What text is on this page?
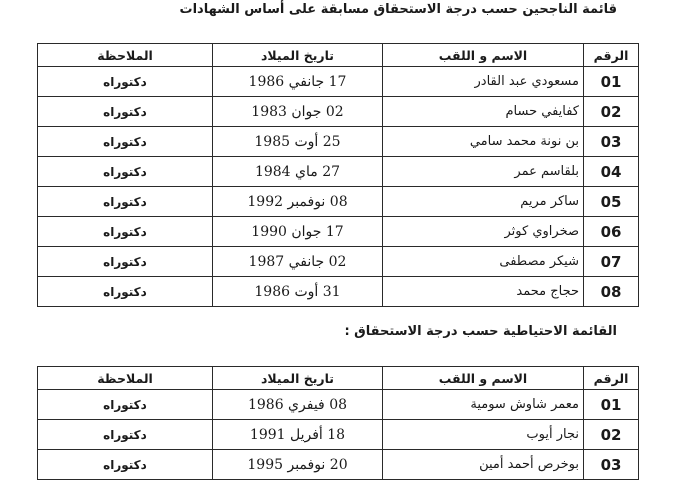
قائمة الناجحين حسب درجة الاستحقاق مسابقة على أساس الشهادات
الرقم	الاسم و اللقب	تاريخ الميلاد	الملاحظة
01	مسعودي عبد القادر	17 جانفي 1986	دكتوراه
02	كفايفي حسام	02 جوان 1983	دكتوراه
03	بن نونة محمد سامي	25 أوت 1985	دكتوراه
04	بلقاسم عمر	27 ماي 1984	دكتوراه
05	ساكر مريم	08 نوفمبر 1992	دكتوراه
06	صخراوي كوثر	17 جوان 1990	دكتوراه
07	شيكر مصطفى	02 جانفي 1987	دكتوراه
08	حجاج محمد	31 أوت 1986	دكتوراه
القائمة الاحتياطية حسب درجة الاستحقاق :
الرقم	الاسم و اللقب	تاريخ الميلاد	الملاحظة
01	معمر شاوش سومية	08 فيفري 1986	دكتوراه
02	نجار أيوب	18 أفريل 1991	دكتوراه
03	بوخرص أحمد أمين	20 نوفمبر 1995	دكتوراه
